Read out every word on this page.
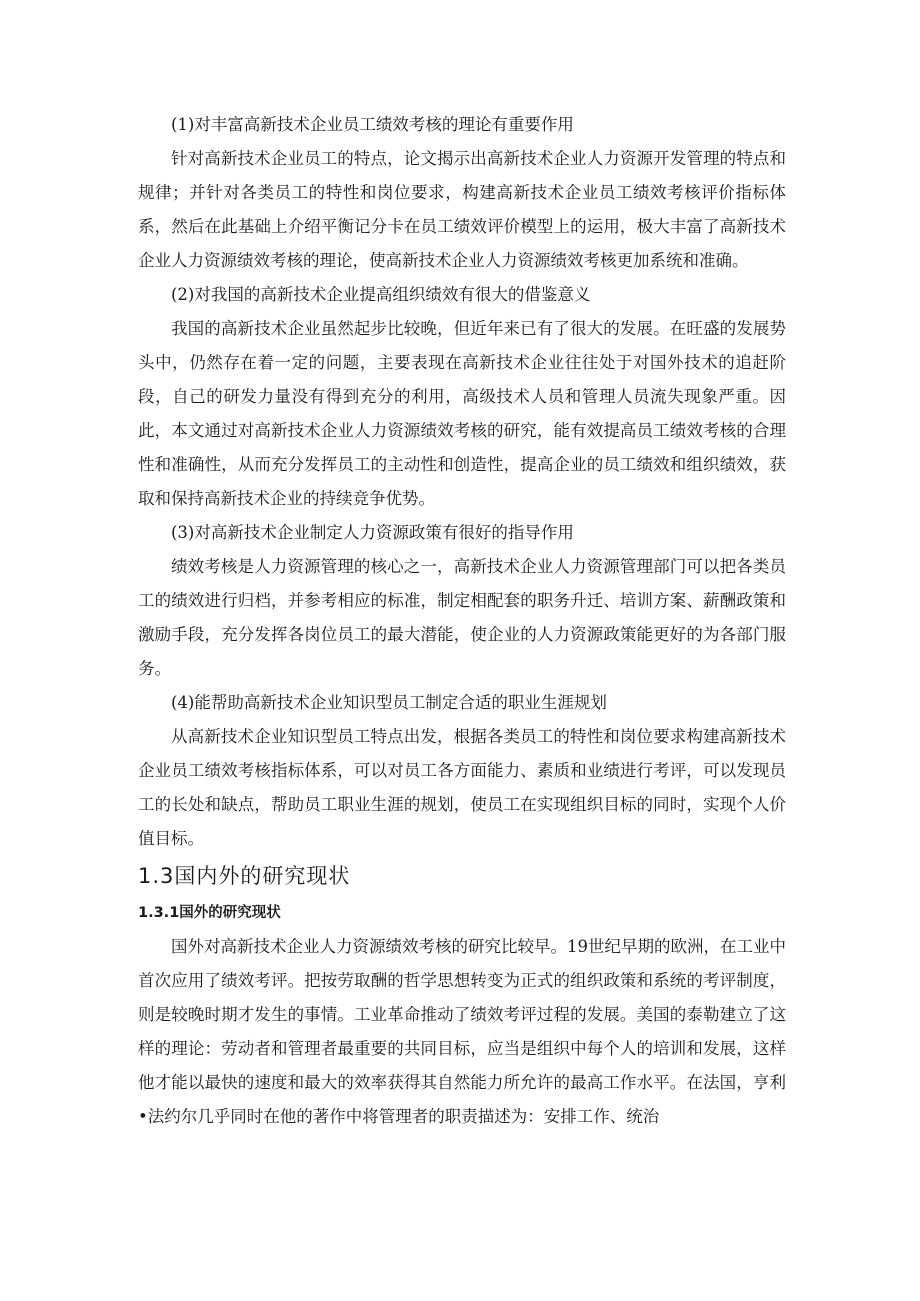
(1)对丰富高新技术企业员工绩效考核的理论有重要作用

针对高新技术企业员工的特点，论文揭示出高新技术企业人力资源开发管理的特点和规律；并针对各类员工的特性和岗位要求，构建高新技术企业员工绩效考核评价指标体系，然后在此基础上介绍平衡记分卡在员工绩效评价模型上的运用，极大丰富了高新技术企业人力资源绩效考核的理论，使高新技术企业人力资源绩效考核更加系统和准确。

(2)对我国的高新技术企业提高组织绩效有很大的借鉴意义

我国的高新技术企业虽然起步比较晚，但近年来已有了很大的发展。在旺盛的发展势头中，仍然存在着一定的问题，主要表现在高新技术企业往往处于对国外技术的追赶阶段，自己的研发力量没有得到充分的利用，高级技术人员和管理人员流失现象严重。因此，本文通过对高新技术企业人力资源绩效考核的研究，能有效提高员工绩效考核的合理性和准确性，从而充分发挥员工的主动性和创造性，提高企业的员工绩效和组织绩效，获取和保持高新技术企业的持续竞争优势。

(3)对高新技术企业制定人力资源政策有很好的指导作用

绩效考核是人力资源管理的核心之一，高新技术企业人力资源管理部门可以把各类员工的绩效进行归档，并参考相应的标准，制定相配套的职务升迁、培训方案、薪酬政策和激励手段，充分发挥各岗位员工的最大潜能，使企业的人力资源政策能更好的为各部门服务。

(4)能帮助高新技术企业知识型员工制定合适的职业生涯规划

从高新技术企业知识型员工特点出发，根据各类员工的特性和岗位要求构建高新技术企业员工绩效考核指标体系，可以对员工各方面能力、素质和业绩进行考评，可以发现员工的长处和缺点，帮助员工职业生涯的规划，使员工在实现组织目标的同时，实现个人价值目标。

1.3国内外的研究现状
1.3.1国外的研究现状

国外对高新技术企业人力资源绩效考核的研究比较早。19世纪早期的欧洲，在工业中首次应用了绩效考评。把按劳取酬的哲学思想转变为正式的组织政策和系统的考评制度，则是较晚时期才发生的事情。工业革命推动了绩效考评过程的发展。美国的泰勒建立了这样的理论：劳动者和管理者最重要的共同目标，应当是组织中每个人的培训和发展，这样他才能以最快的速度和最大的效率获得其自然能力所允许的最高工作水平。在法国，亨利•法约尔几乎同时在他的著作中将管理者的职责描述为：安排工作、统治
